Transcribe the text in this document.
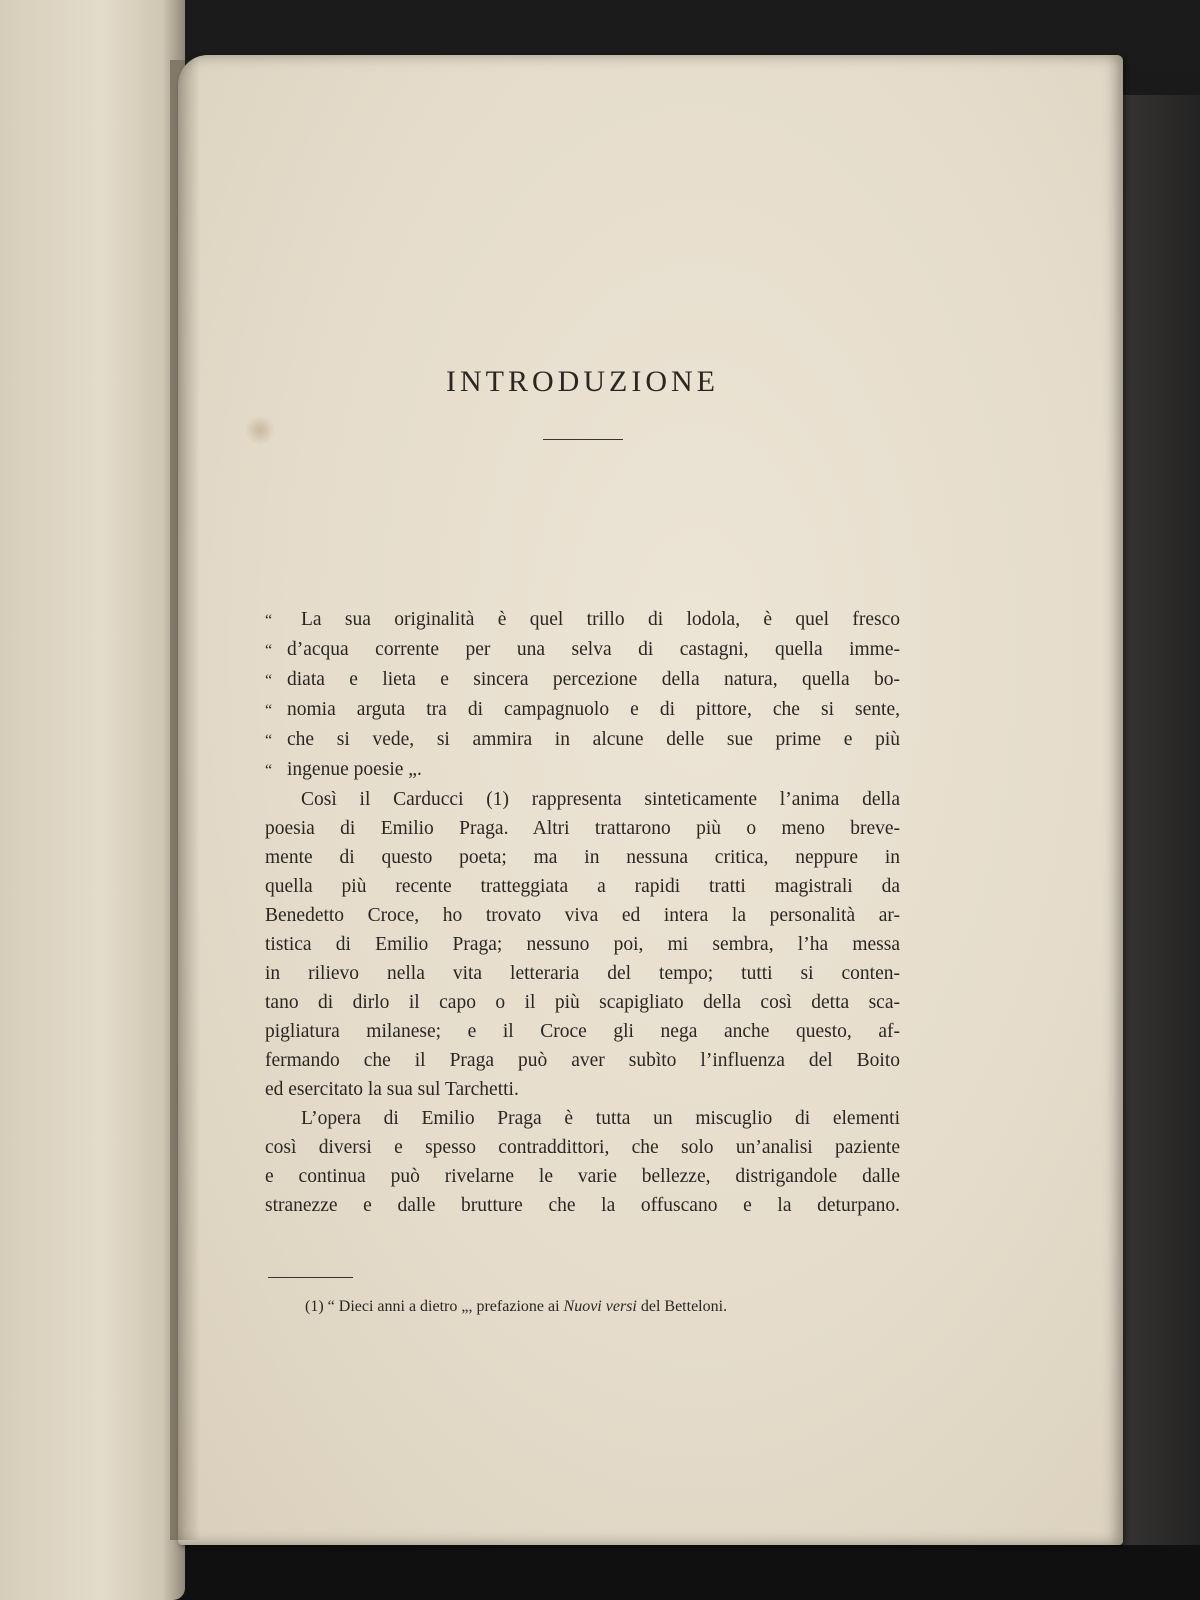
INTRODUZIONE
“	La sua originalità è quel trillo di lodola, è quel fresco
“ d’acqua corrente per una selva di castagni, quella imme-
“ diata e lieta e sincera percezione della natura, quella bo-
“ nomia arguta tra di campagnuolo e di pittore, che si sente,
“ che si vede, si ammira in alcune delle sue prime e più
“ ingenue poesie „.

Così il Carducci (1) rappresenta sinteticamente l’anima della
poesia di Emilio Praga. Altri trattarono più o meno breve-
mente di questo poeta; ma in nessuna critica, neppure in
quella più recente tratteggiata a rapidi tratti magistrali da
Benedetto Croce, ho trovato viva ed intera la personalità ar-
tistica di Emilio Praga; nessuno poi, mi sembra, l’ha messa
in rilievo nella vita letteraria del tempo; tutti si conten-
tano di dirlo il capo o il più scapigliato della così detta sca-
pigliatura milanese; e il Croce gli nega anche questo, af-
fermando che il Praga può aver subìto l’influenza del Boito
ed esercitato la sua sul Tarchetti.

L’opera di Emilio Praga è tutta un miscuglio di elementi
così diversi e spesso contraddittori, che solo un’analisi paziente
e continua può rivelarne le varie bellezze, distrigandole dalle
stranezze e dalle brutture che la offuscano e la deturpano.

(1) “ Dieci anni a dietro „, prefazione ai Nuovi versi del Betteloni.
